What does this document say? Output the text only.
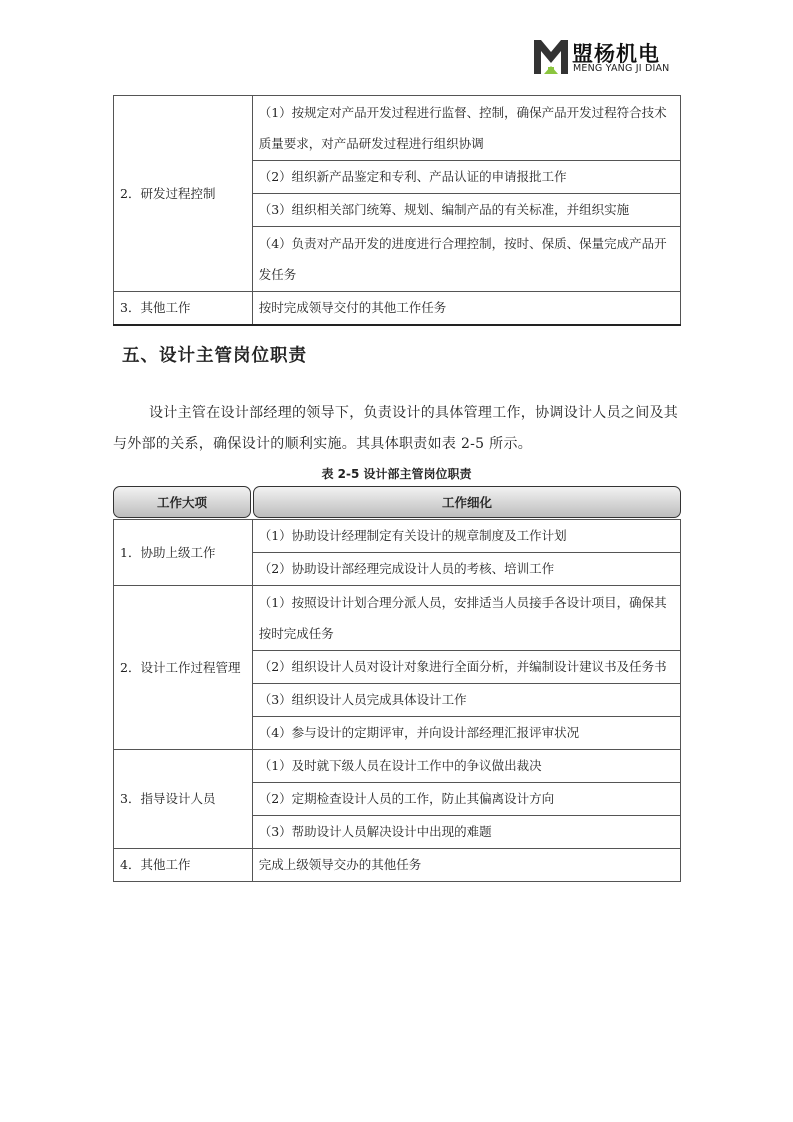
盟杨机电
MENG YANG JI DIAN
2．研发过程控制	（1）按规定对产品开发过程进行监督、控制，确保产品开发过程符合技术质量要求，对产品研发过程进行组织协调
	（2）组织新产品鉴定和专利、产品认证的申请报批工作
	（3）组织相关部门统筹、规划、编制产品的有关标准，并组织实施
	（4）负责对产品开发的进度进行合理控制，按时、保质、保量完成产品开发任务
3．其他工作	按时完成领导交付的其他工作任务
五、设计主管岗位职责
设计主管在设计部经理的领导下，负责设计的具体管理工作，协调设计人员之间及其与外部的关系，确保设计的顺利实施。其具体职责如表 2-5 所示。
表 2-5 设计部主管岗位职责
工作大项	工作细化
1．协助上级工作	（1）协助设计经理制定有关设计的规章制度及工作计划
	（2）协助设计部经理完成设计人员的考核、培训工作
2．设计工作过程管理	（1）按照设计计划合理分派人员，安排适当人员接手各设计项目，确保其按时完成任务
	（2）组织设计人员对设计对象进行全面分析，并编制设计建议书及任务书
	（3）组织设计人员完成具体设计工作
	（4）参与设计的定期评审，并向设计部经理汇报评审状况
3．指导设计人员	（1）及时就下级人员在设计工作中的争议做出裁决
	（2）定期检查设计人员的工作，防止其偏离设计方向
	（3）帮助设计人员解决设计中出现的难题
4．其他工作	完成上级领导交办的其他任务
